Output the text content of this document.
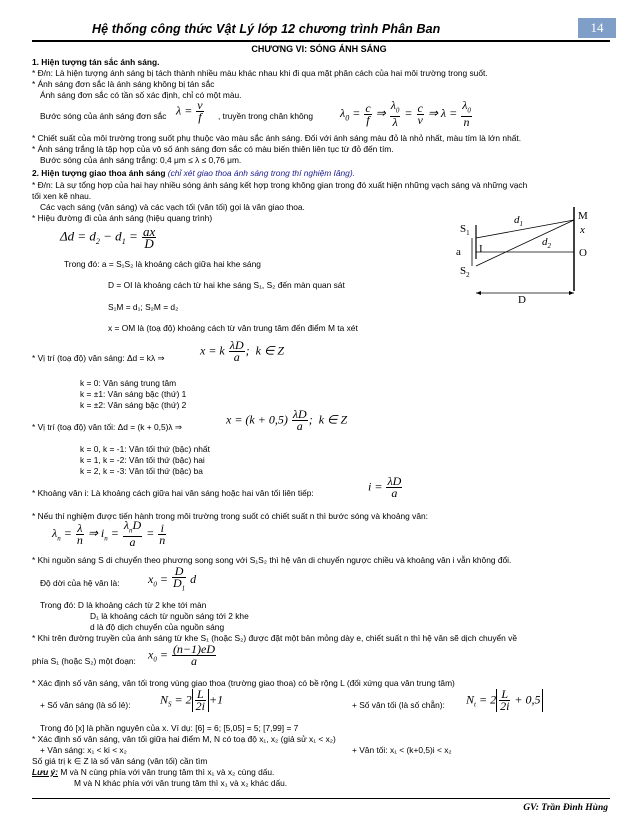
Hệ thống công thức Vật Lý lớp 12 chương trình Phân Ban	14
CHƯƠNG VI: SÓNG ÁNH SÁNG
1. Hiện tượng tán sắc ánh sáng.
* Đ/n: Là hiện tượng ánh sáng bị tách thành nhiều màu khác nhau khi đi qua mặt phân cách của hai môi trường trong suốt.
* Ánh sáng đơn sắc là ánh sáng không bị tán sắc
Ánh sáng đơn sắc có tần số xác định, chỉ có một màu.
Bước sóng của ánh sáng đơn sắc $\lambda = \frac{v}{f}$ , truyền trong chân không $\lambda_0 = \frac{c}{f}$ ⇒ $\frac{\lambda_0}{\lambda} = \frac{c}{v}$ ⇒ $\lambda = \frac{\lambda_0}{n}$
* Chiết suất của môi trường trong suốt phụ thuộc vào màu sắc ánh sáng. Đối với ánh sáng màu đỏ là nhỏ nhất, màu tím là lớn nhất.
* Ánh sáng trắng là tập hợp của vô số ánh sáng đơn sắc có màu biến thiên liên tục từ đỏ đến tím.
Bước sóng của ánh sáng trắng: 0,4 μm ≤ λ ≤ 0,76 μm.
2. Hiện tượng giao thoa ánh sáng (chỉ xét giao thoa ánh sáng trong thí nghiệm Iâng).
* Đ/n: Là sự tổng hợp của hai hay nhiều sóng ánh sáng kết hợp trong không gian trong đó xuất hiện những vạch sáng và những vạch
tối xen kẽ nhau.
Các vạch sáng (vân sáng) và các vạch tối (vân tối) gọi là vân giao thoa.
* Hiệu đường đi của ánh sáng (hiệu quang trình)
$\Delta d = d_2 - d_1 = \frac{ax}{D}$
Trong đó: a = S₁S₂ là khoảng cách giữa hai khe sáng
D = OI là khoảng cách từ hai khe sáng S₁, S₂ đến màn quan sát
S₁M = d₁; S₂M = d₂
x = OM là (toạ độ) khoảng cách từ vân trung tâm đến điểm M ta xét
$S_1$
$S_2$
a I
$d_1$
$d_2$
M
x
O
D
* Vị trí (toạ độ) vân sáng: Δd = kλ ⇒
x = k $\frac{\lambda D}{a}$ ;  k ∈ Z
k = 0: Vân sáng trung tâm
k = ±1: Vân sáng bậc (thứ) 1
k = ±2: Vân sáng bậc (thứ) 2
* Vị trí (toạ độ) vân tối: Δd = (k + 0,5)λ ⇒
$x = (k + 0,5) \frac{\lambda D}{a}$ ;  k ∈ Z
k = 0, k = -1: Vân tối thứ (bậc) nhất
k = 1, k = -2: Vân tối thứ (bậc) hai
k = 2, k = -3: Vân tối thứ (bậc) ba
* Khoảng vân i: Là khoảng cách giữa hai vân sáng hoặc hai vân tối liên tiếp:	$i = \frac{\lambda D}{a}$
* Nếu thí nghiệm được tiến hành trong môi trường trong suốt có chiết suất n thì bước sóng và khoảng vân:
$\lambda_n = \frac{\lambda}{n}$ ⇒ $i_n = \frac{\lambda_nD}{a} = \frac{i}{n}$
* Khi nguồn sáng S di chuyển theo phương song song với S₁S₂ thì hệ vân di chuyển ngược chiều và khoảng vân i vẫn không đổi.
Độ dời của hệ vân là: $x_0 = \frac{D}{D_1}$ d
Trong đó: D là khoảng cách từ 2 khe tới màn
D₁ là khoảng cách từ nguồn sáng tới 2 khe
d là độ dịch chuyển của nguồn sáng
* Khi trên đường truyền của ánh sáng từ khe S₁ (hoặc S₂) được đặt một bản mỏng dày e, chiết suất n thì hệ vân sẽ dịch chuyển về
phía S₁ (hoặc S₂) một đoạn: $x_0 = \frac{(n-1)eD}{a}$
* Xác định số vân sáng, vân tối trong vùng giao thoa (trường giao thoa) có bề rộng L (đối xứng qua vân trung tâm)
+ Số vân sáng (là số lẻ): $N_S = 2 \frac{L}{2i} +1$	+ Số vân tối (là số chẵn): $N_t = 2 \frac{L}{2i} + 0,5$
Trong đó [x] là phần nguyên của x. Ví dụ: [6] = 6; [5,05] = 5; [7,99] = 7
* Xác định số vân sáng, vân tối giữa hai điểm M, N có toạ độ x₁, x₂ (giả sử x₁ < x₂)
+ Vân sáng: x₁ < ki < x₂	+ Vân tối: x₁ < (k+0,5)i < x₂
Số giá trị k ∈ Z là số vân sáng (vân tối) cần tìm
Lưu ý: M và N cùng phía với vân trung tâm thì x₁ và x₂ cùng dấu.
M và N khác phía với vân trung tâm thì x₁ và x₂ khác dấu.
GV: Trần Đình Hùng
